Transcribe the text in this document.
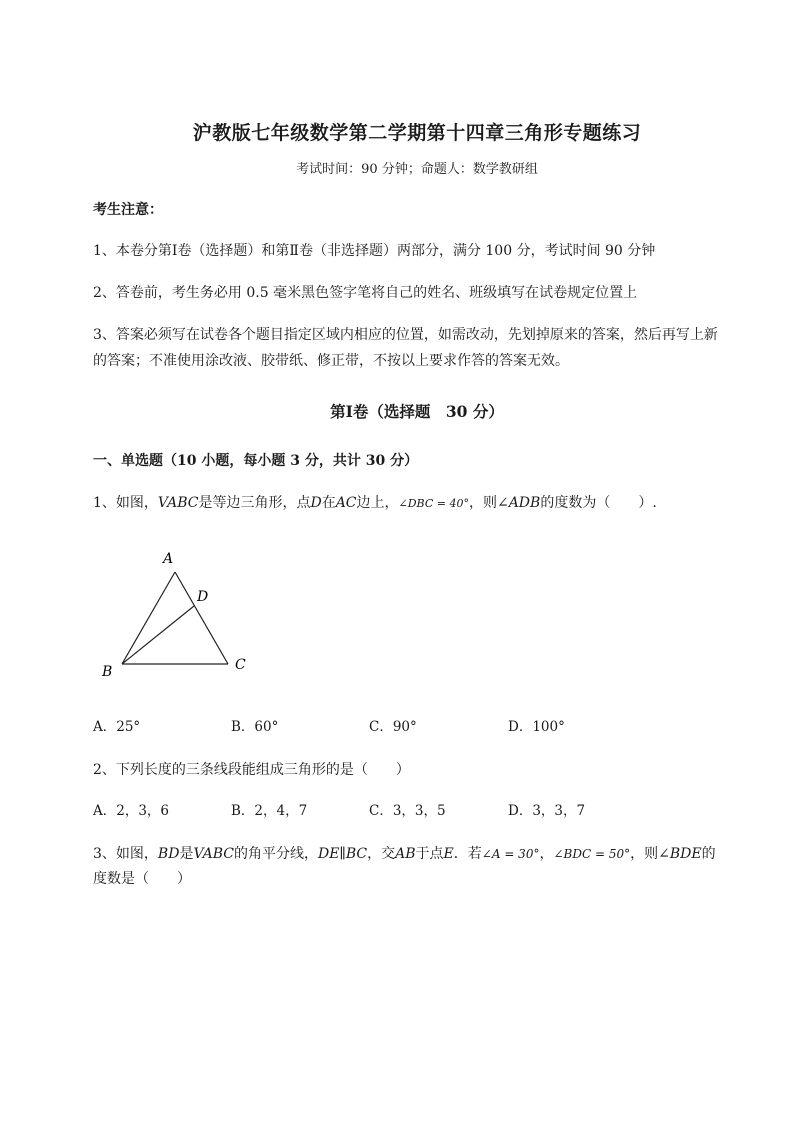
沪教版七年级数学第二学期第十四章三角形专题练习
考试时间：90 分钟；命题人：数学教研组
考生注意：
1、本卷分第Ⅰ卷（选择题）和第Ⅱ卷（非选择题）两部分，满分 100 分，考试时间 90 分钟
2、答卷前，考生务必用 0.5 毫米黑色签字笔将自己的姓名、班级填写在试卷规定位置上
3、答案必须写在试卷各个题目指定区域内相应的位置，如需改动，先划掉原来的答案，然后再写上新
的答案；不准使用涂改液、胶带纸、修正带，不按以上要求作答的答案无效。
第Ⅰ卷（选择题　30 分）
一、单选题（10 小题，每小题 3 分，共计 30 分）
1、如图，VABC是等边三角形，点D在AC边上，∠DBC = 40°，则∠ADB的度数为（　　）.
A
D
B	C
A．25°	B．60°	C．90°	D．100°
2、下列长度的三条线段能组成三角形的是（　　）
A．2，3，6	B．2，4，7	C．3，3，5	D．3，3，7
3、如图，BD是VABC的角平分线，DE∥BC，交AB于点E．若∠A = 30°，∠BDC = 50°，则∠BDE的
度数是（　　）
